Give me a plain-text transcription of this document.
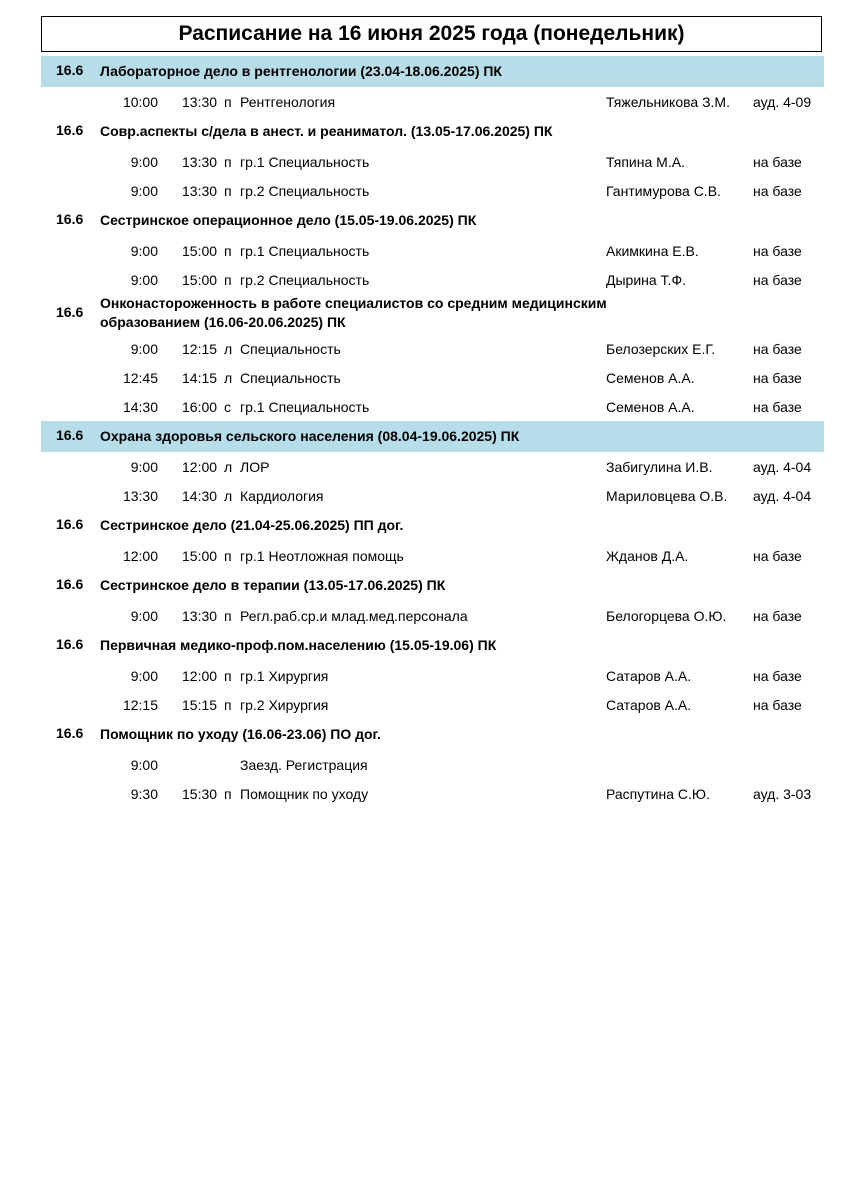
Расписание на 16 июня 2025 года (понедельник)
16.6 Лабораторное дело в рентгенологии (23.04-18.06.2025) ПК
10:00 13:30 п Рентгенология	Тяжельникова З.М. ауд. 4-09
16.6 Совр.аспекты с/дела в анест. и реаниматол. (13.05-17.06.2025) ПК
9:00 13:30 п гр.1 Специальность	Тяпина М.А.	на базе
9:00 13:30 п гр.2 Специальность	Гантимурова С.В. на базе
16.6 Сестринское операционное дело (15.05-19.06.2025) ПК
9:00 15:00 п гр.1 Специальность	Акимкина Е.В.	на базе
9:00 15:00 п гр.2 Специальность	Дырина Т.Ф.	на базе
16.6
Онконастороженность в работе специалистов со средним медицинским образованием (16.06-20.06.2025) ПК
9:00 12:15 л Специальность	Белозерских Е.Г.	на базе
12:45 14:15 л Специальность	Семенов А.А.	на базе
14:30 16:00 с гр.1 Специальность	Семенов А.А.	на базе
16.6 Охрана здоровья сельского населения (08.04-19.06.2025) ПК
9:00 12:00 л ЛОР	Забигулина И.В.	ауд. 4-04
13:30 14:30 л Кардиология	Мариловцева О.В. ауд. 4-04
16.6 Сестринское дело (21.04-25.06.2025) ПП дог.
12:00 15:00 п гр.1 Неотложная помощь	Жданов Д.А.	на базе
16.6 Сестринское дело в терапии (13.05-17.06.2025) ПК
9:00 13:30 п Регл.раб.ср.и млад.мед.персонала	Белогорцева О.Ю. на базе
16.6 Первичная медико-проф.пом.населению (15.05-19.06) ПК
9:00 12:00 п гр.1 Хирургия	Сатаров А.А.	на базе
12:15 15:15 п гр.2 Хирургия	Сатаров А.А.	на базе
16.6 Помощник по уходу (16.06-23.06) ПО дог.
9:00	Заезд. Регистрация
9:30 15:30 п Помощник по уходу	Распутина С.Ю.	ауд. 3-03
